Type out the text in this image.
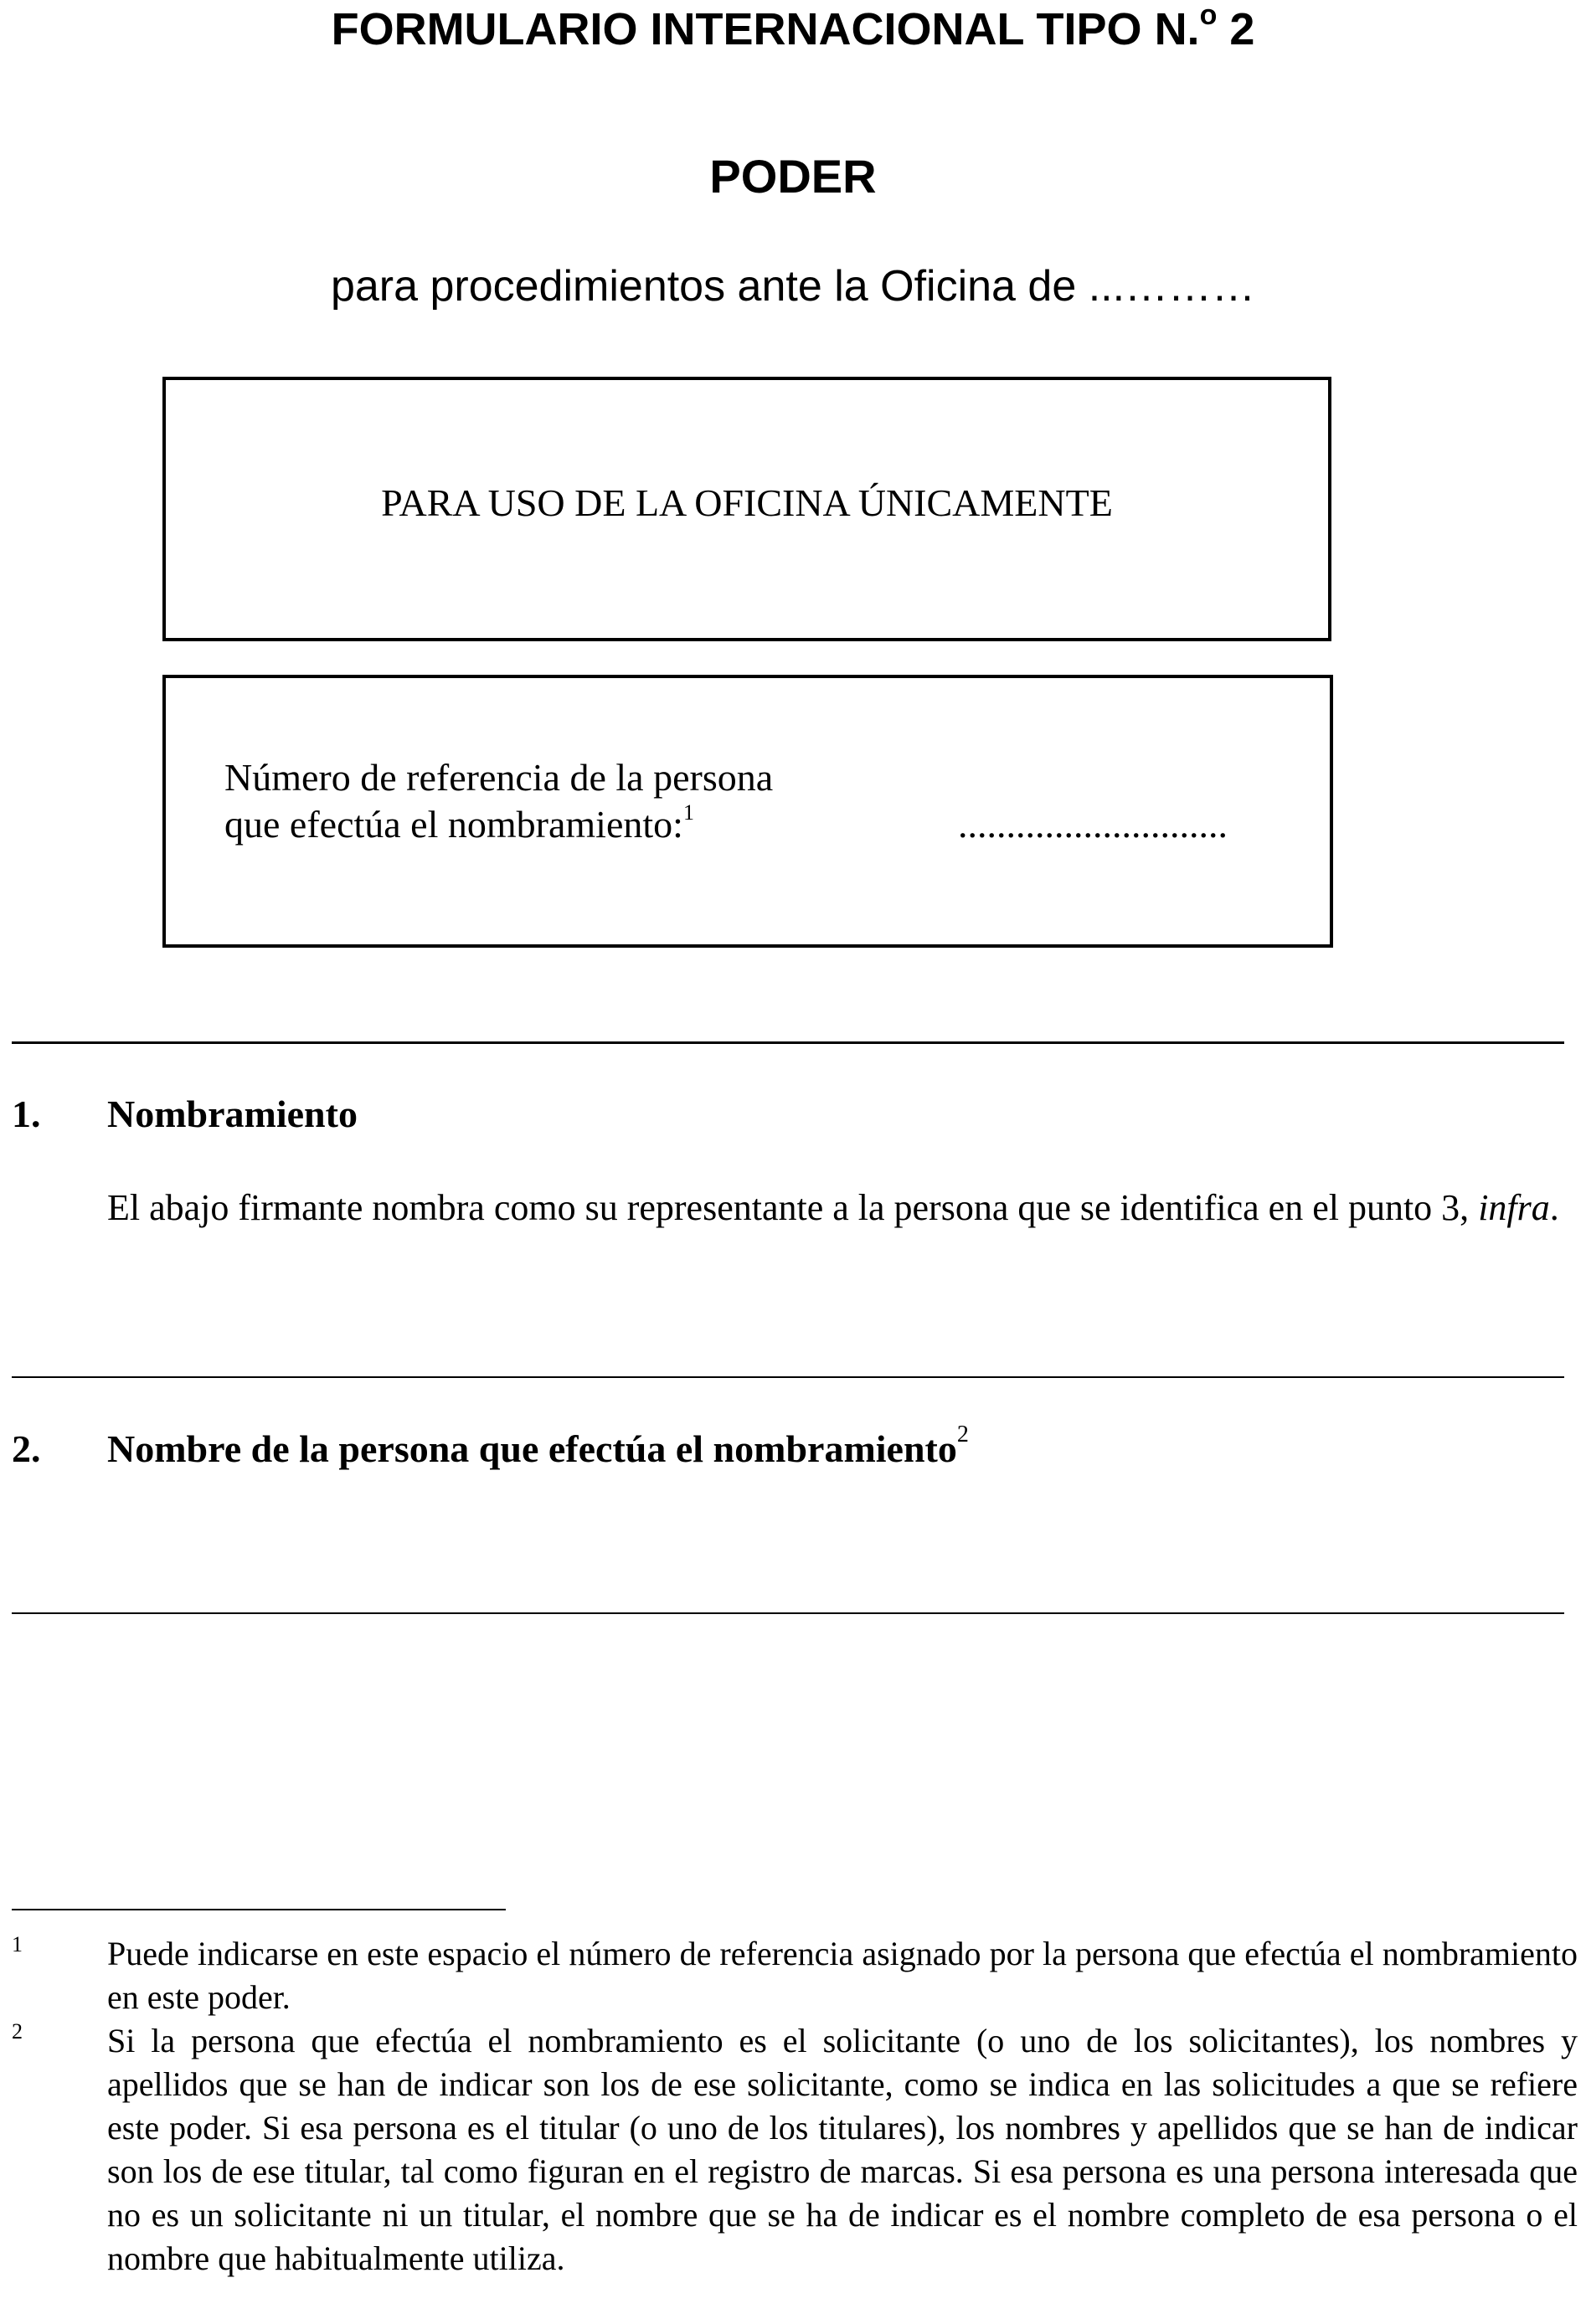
FORMULARIO INTERNACIONAL TIPO N.$^o$ 2
PODER
para procedimientos ante la Oficina de ...………
PARA USO DE LA OFICINA ÚNICAMENTE
Número de referencia de la persona
que efectúa el nombramiento:$^1$	............................
1. Nombramiento
El abajo firmante nombra como su representante a la persona que se identifica en el punto 3, infra.
2. Nombre de la persona que efectúa el nombramiento$^2$
1	Puede indicarse en este espacio el número de referencia asignado por la persona que efectúa el nombramiento en este poder.
2	Si la persona que efectúa el nombramiento es el solicitante (o uno de los solicitantes), los nombres y apellidos que se han de indicar son los de ese solicitante, como se indica en las solicitudes a que se refiere este poder. Si esa persona es el titular (o uno de los titulares), los nombres y apellidos que se han de indicar son los de ese titular, tal como figuran en el registro de marcas. Si esa persona es una persona interesada que no es un solicitante ni un titular, el nombre que se ha de indicar es el nombre completo de esa persona o el nombre que habitualmente utiliza.
